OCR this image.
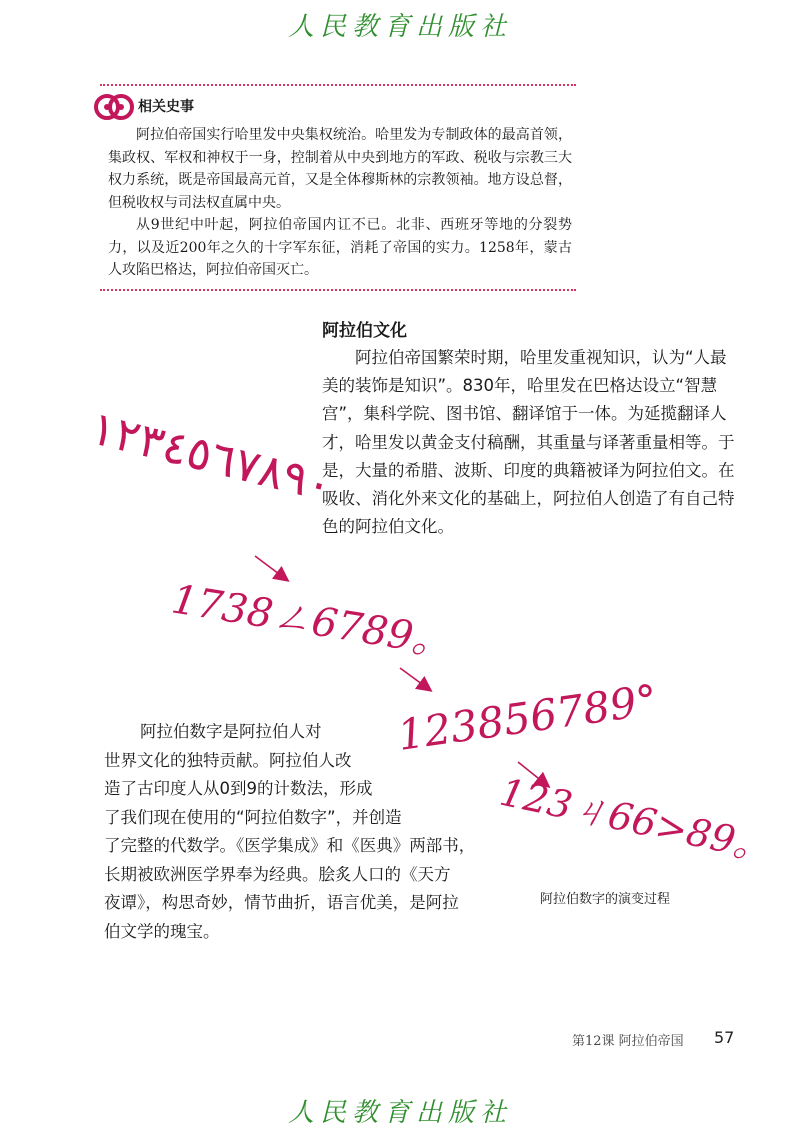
人民教育出版社
相关史事

阿拉伯帝国实行哈里发中央集权统治。哈里发为专制政体的最高首领，集政权、军权和神权于一身，控制着从中央到地方的军政、税收与宗教三大权力系统，既是帝国最高元首，又是全体穆斯林的宗教领袖。地方设总督，但税收权与司法权直属中央。

从9世纪中叶起，阿拉伯帝国内讧不已。北非、西班牙等地的分裂势力，以及近200年之久的十字军东征，消耗了帝国的实力。1258年，蒙古人攻陷巴格达，阿拉伯帝国灭亡。

阿拉伯文化

阿拉伯帝国繁荣时期，哈里发重视知识，认为“人最美的装饰是知识”。830年，哈里发在巴格达设立“智慧宫”，集科学院、图书馆、翻译馆于一体。为延揽翻译人才，哈里发以黄金支付稿酬，其重量与译著重量相等。于是，大量的希腊、波斯、印度的典籍被译为阿拉伯文。在吸收、消化外来文化的基础上，阿拉伯人创造了有自己特色的阿拉伯文化。

١٢٣٤٥٦٧٨٩٠
1738ㄥ6789。
123856789°
123ㄐ66>89。
阿拉伯数字的演变过程
阿拉伯数字是阿拉伯人对
世界文化的独特贡献。阿拉伯人改
造了古印度人从0到9的计数法，形成
了我们现在使用的“阿拉伯数字”，并创造
了完整的代数学。《医学集成》和《医典》两部书，
长期被欧洲医学界奉为经典。脍炙人口的《天方
夜谭》，构思奇妙，情节曲折，语言优美，是阿拉
伯文学的瑰宝。
第12课 阿拉伯帝国 57
人民教育出版社
